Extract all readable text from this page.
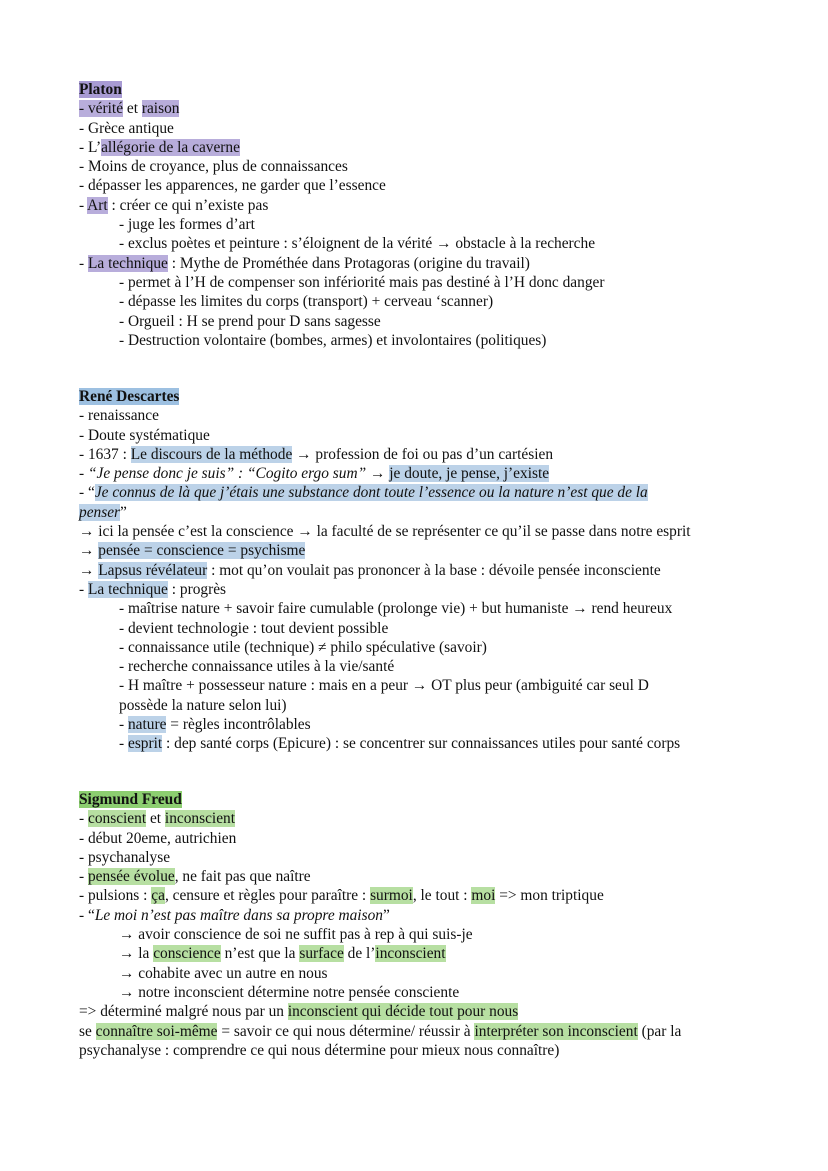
Platon
- vérité et raison
- Grèce antique
- L’allégorie de la caverne
- Moins de croyance, plus de connaissances
- dépasser les apparences, ne garder que l’essence
- Art : créer ce qui n’existe pas
- juge les formes d’art
- exclus poètes et peinture : s’éloignent de la vérité → obstacle à la recherche
- La technique : Mythe de Prométhée dans Protagoras (origine du travail)
- permet à l’H de compenser son infériorité mais pas destiné à l’H donc danger
- dépasse les limites du corps (transport) + cerveau ‘scanner)
- Orgueil : H se prend pour D sans sagesse
- Destruction volontaire (bombes, armes) et involontaires (politiques)
René Descartes
- renaissance
- Doute systématique
- 1637 : Le discours de la méthode → profession de foi ou pas d’un cartésien
- “Je pense donc je suis” : “Cogito ergo sum” → je doute, je pense, j’existe
- “Je connus de là que j’étais une substance dont toute l’essence ou la nature n’est que de la
penser”
→ ici la pensée c’est la conscience → la faculté de se représenter ce qu’il se passe dans notre esprit
→ pensée = conscience = psychisme
→ Lapsus révélateur : mot qu’on voulait pas prononcer à la base : dévoile pensée inconsciente
- La technique : progrès
- maîtrise nature + savoir faire cumulable (prolonge vie) + but humaniste → rend heureux
- devient technologie : tout devient possible
- connaissance utile (technique) ≠ philo spéculative (savoir)
- recherche connaissance utiles à la vie/santé
- H maître + possesseur nature : mais en a peur → OT plus peur (ambiguité car seul D
possède la nature selon lui)
- nature = règles incontrôlables
- esprit : dep santé corps (Epicure) : se concentrer sur connaissances utiles pour santé corps
Sigmund Freud
- conscient et inconscient
- début 20eme, autrichien
- psychanalyse
- pensée évolue, ne fait pas que naître
- pulsions : ça, censure et règles pour paraître : surmoi, le tout : moi => mon triptique
- “Le moi n’est pas maître dans sa propre maison”
→ avoir conscience de soi ne suffit pas à rep à qui suis-je
→ la conscience n’est que la surface de l’inconscient
→ cohabite avec un autre en nous
→ notre inconscient détermine notre pensée consciente
=> déterminé malgré nous par un inconscient qui décide tout pour nous
se connaître soi-même = savoir ce qui nous détermine/ réussir à interpréter son inconscient (par la
psychanalyse : comprendre ce qui nous détermine pour mieux nous connaître)
